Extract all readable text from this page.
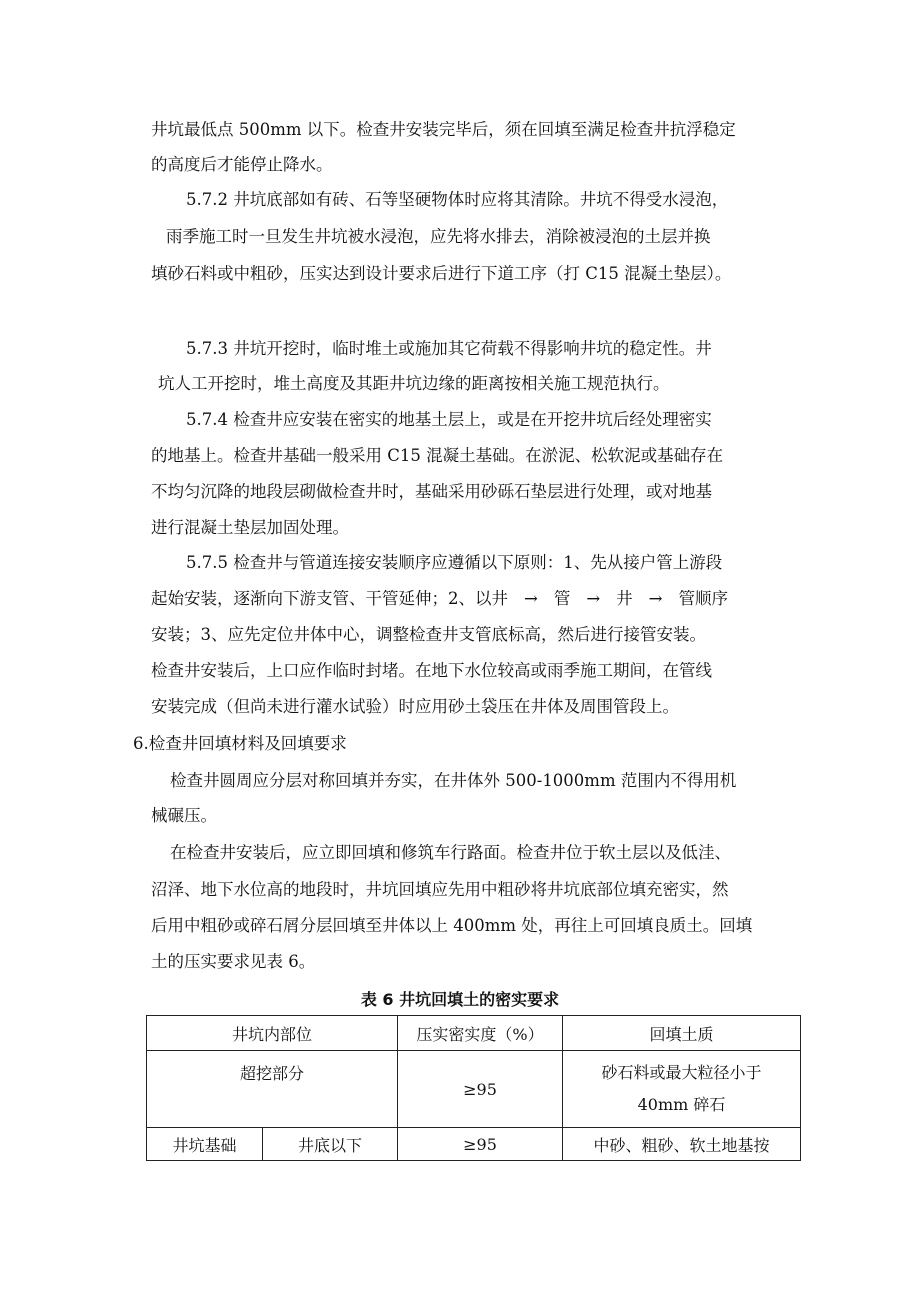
井坑最低点 500mm 以下。检查井安装完毕后，须在回填至满足检查井抗浮稳定
的高度后才能停止降水。
5.7.2 井坑底部如有砖、石等坚硬物体时应将其清除。井坑不得受水浸泡，
雨季施工时一旦发生井坑被水浸泡，应先将水排去，消除被浸泡的土层并换
填砂石料或中粗砂，压实达到设计要求后进行下道工序（打 C15 混凝土垫层）。
5.7.3 井坑开挖时，临时堆土或施加其它荷载不得影响井坑的稳定性。井
坑人工开挖时，堆土高度及其距井坑边缘的距离按相关施工规范执行。
5.7.4 检查井应安装在密实的地基土层上，或是在开挖井坑后经处理密实
的地基上。检查井基础一般采用 C15 混凝土基础。在淤泥、松软泥或基础存在
不均匀沉降的地段层砌做检查井时，基础采用砂砾石垫层进行处理，或对地基
进行混凝土垫层加固处理。
5.7.5 检查井与管道连接安装顺序应遵循以下原则：1、先从接户管上游段
起始安装，逐渐向下游支管、干管延伸；2、以井 → 管 → 井 → 管顺序
安装；3、应先定位井体中心，调整检查井支管底标高，然后进行接管安装。
检查井安装后，上口应作临时封堵。在地下水位较高或雨季施工期间，在管线
安装完成（但尚未进行灌水试验）时应用砂土袋压在井体及周围管段上。
6.检查井回填材料及回填要求
检查井圆周应分层对称回填并夯实，在井体外 500-1000mm 范围内不得用机
械碾压。
在检查井安装后，应立即回填和修筑车行路面。检查井位于软土层以及低洼、
沼泽、地下水位高的地段时，井坑回填应先用中粗砂将井坑底部位填充密实，然
后用中粗砂或碎石屑分层回填至井体以上 400mm 处，再往上可回填良质土。回填
土的压实要求见表 6。
表 6 井坑回填土的密实要求
井坑内部位		压实密实度（%）	回填土质
超挖部分		≥95	砂石料或最大粒径小于
40mm 碎石

井坑基础	井底以下	≥95	中砂、粗砂、软土地基按
